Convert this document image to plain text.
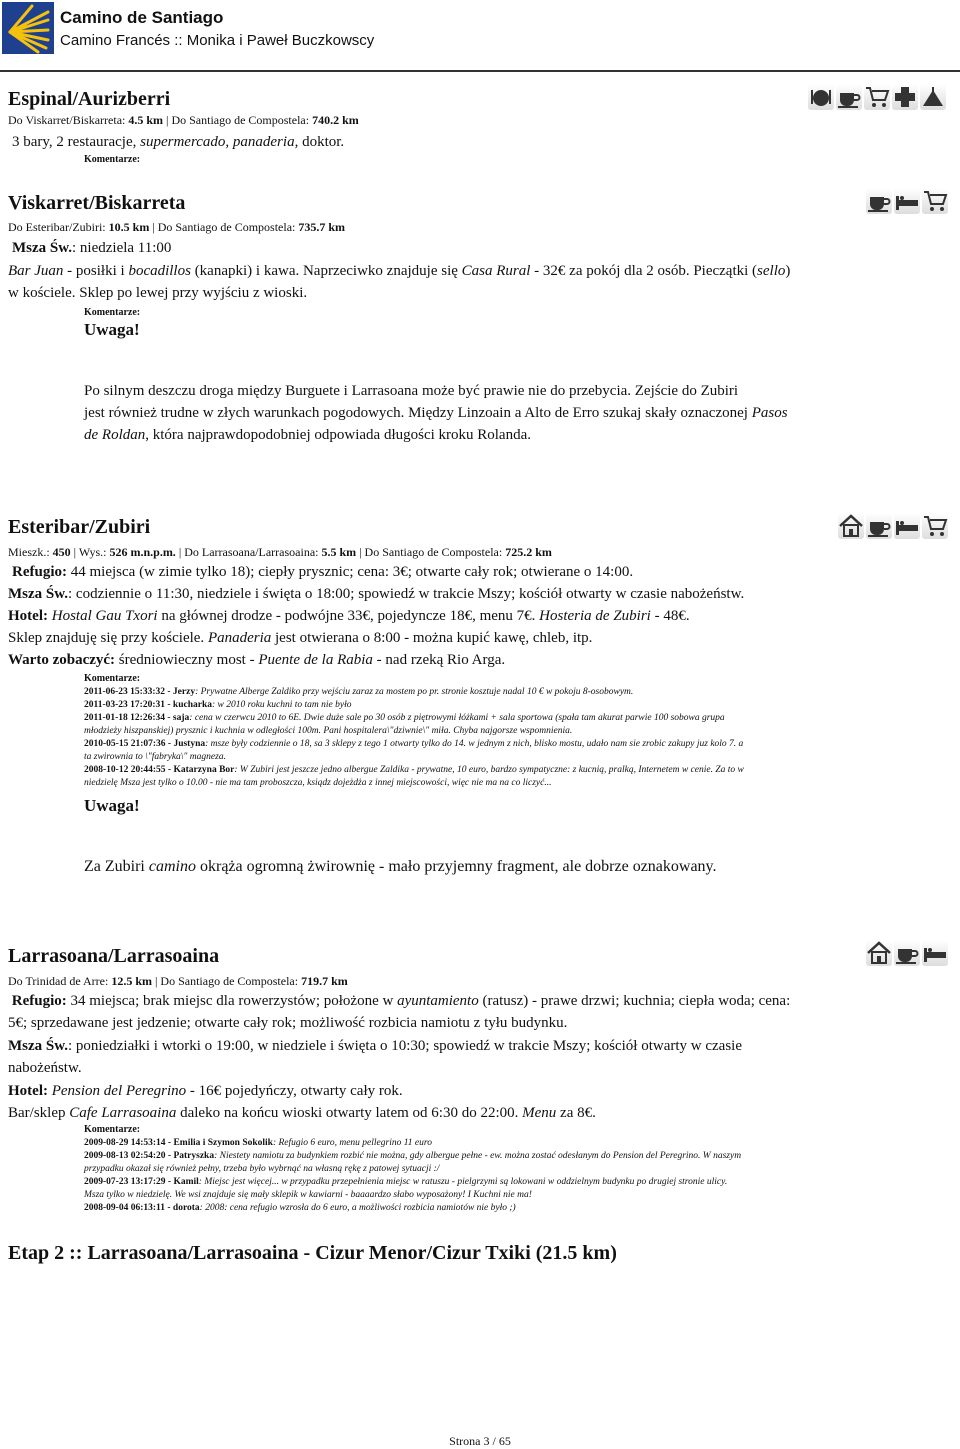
Camino de Santiago
Camino Francés :: Monika i Paweł Buczkowscy
Espinal/Aurizberri
Do Viskarret/Biskarreta: 4.5 km | Do Santiago de Compostela: 740.2 km
3 bary, 2 restauracje, supermercado, panaderia, doktor.
Komentarze:
Viskarret/Biskarreta
Do Esteribar/Zubiri: 10.5 km | Do Santiago de Compostela: 735.7 km
Msza Św.: niedziela 11:00
Bar Juan - posiłki i bocadillos (kanapki) i kawa. Naprzeciwko znajduje się Casa Rural - 32€ za pokój dla 2 osób. Pieczątki (sello)
w kościele. Sklep po lewej przy wyjściu z wioski.
Komentarze:
Uwaga!
Po silnym deszczu droga między Burguete i Larrasoana może być prawie nie do przebycia. Zejście do Zubiri
jest również trudne w złych warunkach pogodowych. Między Linzoain a Alto de Erro szukaj skały oznaczonej Pasos
de Roldan, która najprawdopodobniej odpowiada długości kroku Rolanda.
Esteribar/Zubiri
Mieszk.: 450 | Wys.: 526 m.n.p.m. | Do Larrasoana/Larrasoaina: 5.5 km | Do Santiago de Compostela: 725.2 km
Refugio: 44 miejsca (w zimie tylko 18); ciepły prysznic; cena: 3€; otwarte cały rok; otwierane o 14:00.
Msza Św.: codziennie o 11:30, niedziele i święta o 18:00; spowiedź w trakcie Mszy; kościół otwarty w czasie nabożeństw.
Hotel: Hostal Gau Txori na głównej drodze - podwójne 33€, pojedyncze 18€, menu 7€. Hosteria de Zubiri - 48€.
Sklep znajduję się przy kościele. Panaderia jest otwierana o 8:00 - można kupić kawę, chleb, itp.
Warto zobaczyć: średniowieczny most - Puente de la Rabia - nad rzeką Rio Arga.
Komentarze:
2011-06-23 15:33:32 - Jerzy: Prywatne Alberge Zaldiko przy wejściu zaraz za mostem po pr. stronie kosztuje nadal 10 € w pokoju 8-osobowym.
2011-03-23 17:20:31 - kucharka: w 2010 roku kuchni to tam nie było
2011-01-18 12:26:34 - saja: cena w czerwcu 2010 to 6E. Dwie duże sale po 30 osób z piętrowymi łóżkami + sala sportowa (spała tam akurat parwie 100 sobowa grupa
młodzieży hiszpanskiej) prysznic i kuchnia w odległości 100m. Pani hospitalera\"dziwnie\" miła. Chyba najgorsze wspomnienia.
2010-05-15 21:07:36 - Justyna: msze były codziennie o 18, sa 3 sklepy z tego 1 otwarty tylko do 14. w jednym z nich, blisko mostu, udało nam sie zrobic zakupy juz kolo 7. a
ta zwirownia to \"fabryka\" magneza.
2008-10-12 20:44:55 - Katarzyna Bor: W Zubiri jest jeszcze jedno albergue Zaldika - prywatne, 10 euro, bardzo sympatyczne: z kucnią, pralką, Internetem w cenie. Za to w
niedzielę Msza jest tylko o 10.00 - nie ma tam proboszcza, ksiądz dojeżdża z innej miejscowości, więc nie ma na co liczyć...
Uwaga!
Za Zubiri camino okrąża ogromną żwirownię - mało przyjemny fragment, ale dobrze oznakowany.
Larrasoana/Larrasoaina
Do Trinidad de Arre: 12.5 km | Do Santiago de Compostela: 719.7 km
Refugio: 34 miejsca; brak miejsc dla rowerzystów; położone w ayuntamiento (ratusz) - prawe drzwi; kuchnia; ciepła woda; cena:
5€; sprzedawane jest jedzenie; otwarte cały rok; możliwość rozbicia namiotu z tyłu budynku.
Msza Św.: poniedziałki i wtorki o 19:00, w niedziele i święta o 10:30; spowiedź w trakcie Mszy; kościół otwarty w czasie
nabożeństw.
Hotel: Pension del Peregrino - 16€ pojedyńczy, otwarty cały rok.
Bar/sklep Cafe Larrasoaina daleko na końcu wioski otwarty latem od 6:30 do 22:00. Menu za 8€.
Komentarze:
2009-08-29 14:53:14 - Emilia i Szymon Sokolik: Refugio 6 euro, menu pellegrino 11 euro
2009-08-13 02:54:20 - Patryszka: Niestety namiotu za budynkiem rozbić nie można, gdy albergue pełne - ew. można zostać odesłanym do Pension del Peregrino. W naszym
przypadku okazał się również pełny, trzeba było wybrnąć na własną rękę z patowej sytuacji :/
2009-07-23 13:17:29 - Kamil: Miejsc jest więcej... w przypadku przepełnienia miejsc w ratuszu - pielgrzymi są lokowani w oddzielnym budynku po drugiej stronie ulicy.
Msza tylko w niedzielę. We wsi znajduje się mały sklepik w kawiarni - baaaardzo słabo wyposażony! I Kuchni nie ma!
2008-09-04 06:13:11 - dorota: 2008: cena refugio wzrosła do 6 euro, a możliwości rozbicia namiotów nie było ;)
Etap 2 :: Larrasoana/Larrasoaina - Cizur Menor/Cizur Txiki (21.5 km)
Strona 3 / 65
